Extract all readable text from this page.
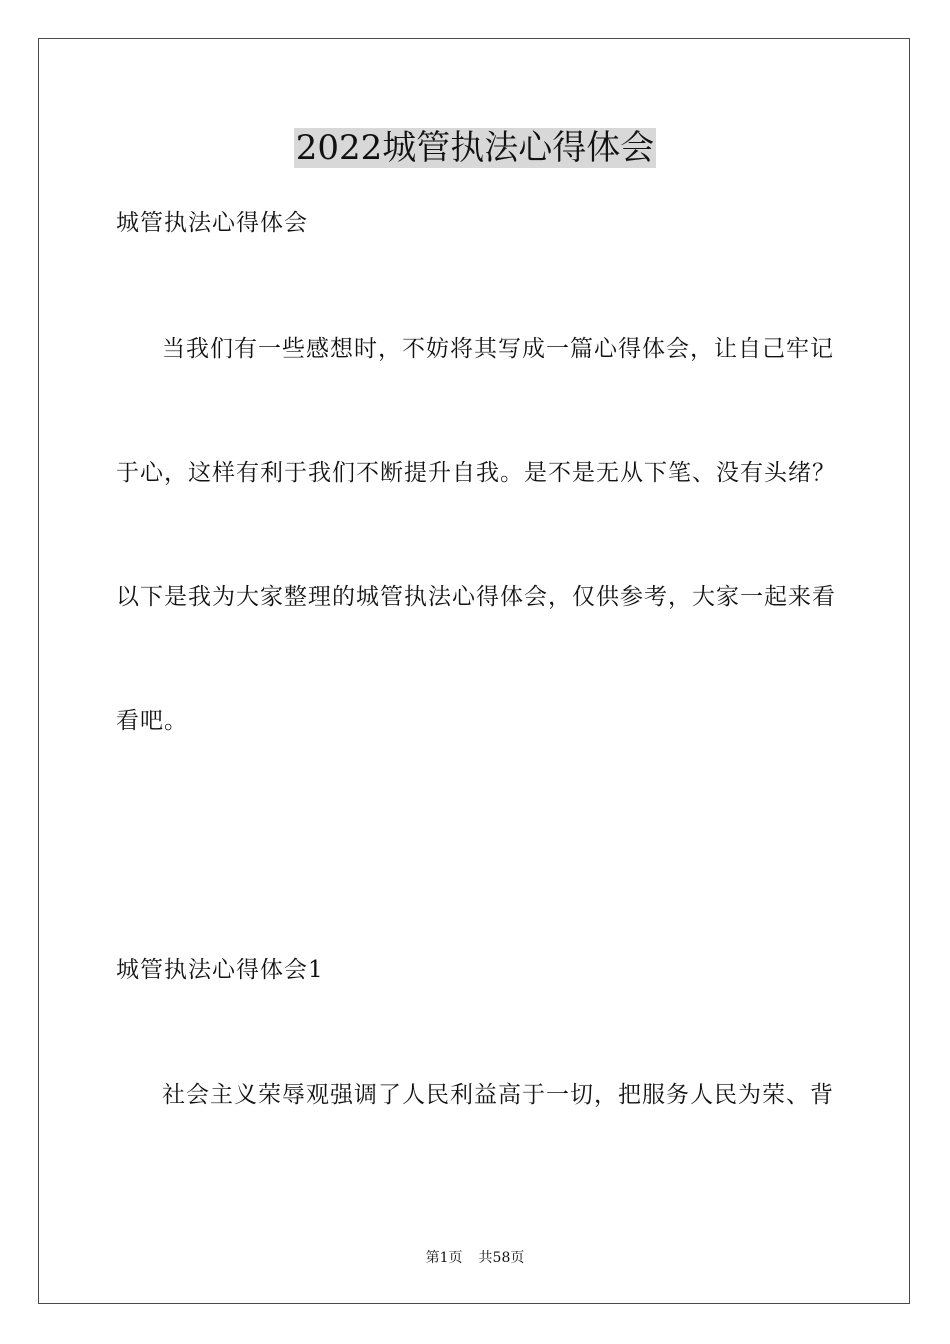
2022城管执法心得体会
城管执法心得体会
当我们有一些感想时，不妨将其写成一篇心得体会，让自己牢记
于心，这样有利于我们不断提升自我。是不是无从下笔、没有头绪？
以下是我为大家整理的城管执法心得体会，仅供参考，大家一起来看
看吧。
城管执法心得体会1
社会主义荣辱观强调了人民利益高于一切，把服务人民为荣、背
第1页 共58页
